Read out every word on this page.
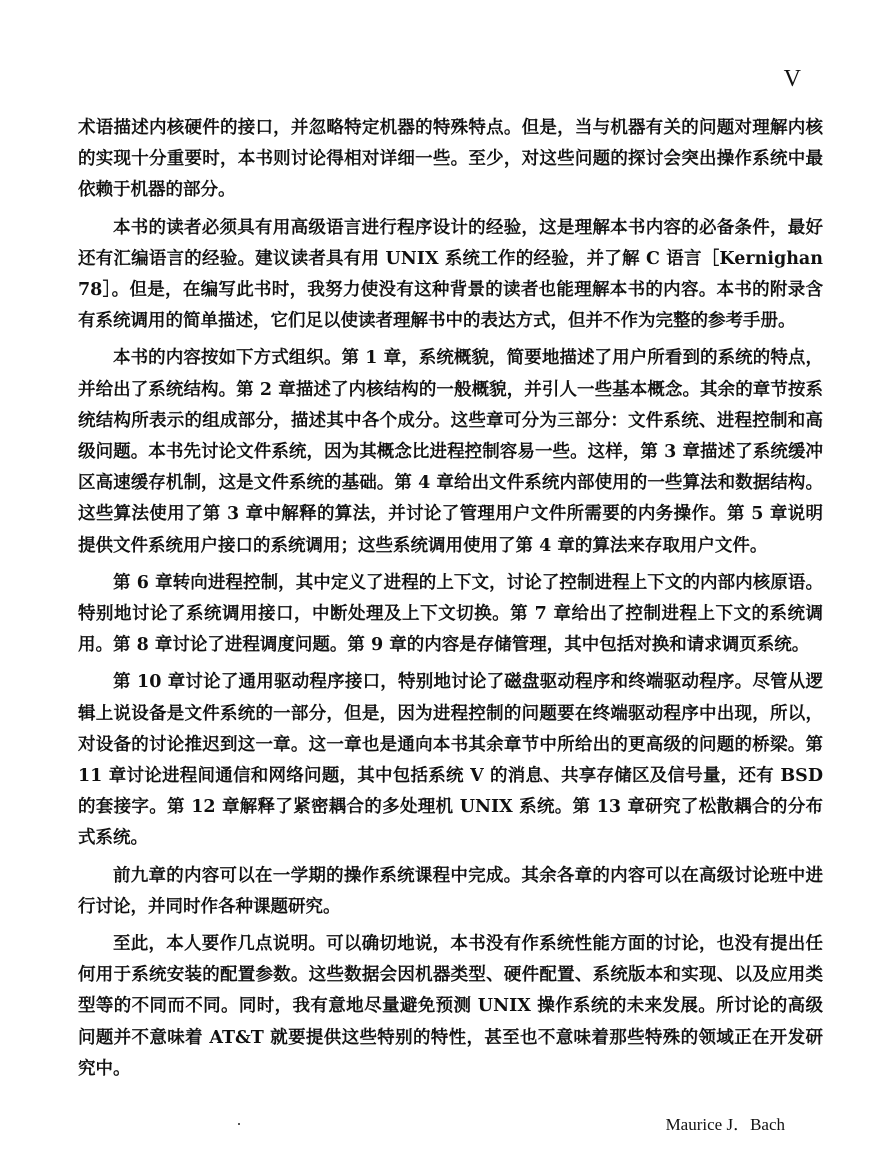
V

术语描述内核硬件的接口，并忽略特定机器的特殊特点。但是，当与机器有关的问题对理解内核的实现十分重要时，本书则讨论得相对详细一些。至少，对这些问题的探讨会突出操作系统中最依赖于机器的部分。

本书的读者必须具有用高级语言进行程序设计的经验，这是理解本书内容的必备条件，最好还有汇编语言的经验。建议读者具有用 UNIX 系统工作的经验，并了解 C 语言［Kernighan 78］。但是，在编写此书时，我努力使没有这种背景的读者也能理解本书的内容。本书的附录含有系统调用的简单描述，它们足以使读者理解书中的表达方式，但并不作为完整的参考手册。

本书的内容按如下方式组织。第 1 章，系统概貌，简要地描述了用户所看到的系统的特点，并给出了系统结构。第 2 章描述了内核结构的一般概貌，并引人一些基本概念。其余的章节按系统结构所表示的组成部分，描述其中各个成分。这些章可分为三部分：文件系统、进程控制和高级问题。本书先讨论文件系统，因为其概念比进程控制容易一些。这样，第 3 章描述了系统缓冲区高速缓存机制，这是文件系统的基础。第 4 章给出文件系统内部使用的一些算法和数据结构。这些算法使用了第 3 章中解释的算法，并讨论了管理用户文件所需要的内务操作。第 5 章说明提供文件系统用户接口的系统调用；这些系统调用使用了第 4 章的算法来存取用户文件。

第 6 章转向进程控制，其中定义了进程的上下文，讨论了控制进程上下文的内部内核原语。特别地讨论了系统调用接口，中断处理及上下文切换。第 7 章给出了控制进程上下文的系统调用。第 8 章讨论了进程调度问题。第 9 章的内容是存储管理，其中包括对换和请求调页系统。

第 10 章讨论了通用驱动程序接口，特别地讨论了磁盘驱动程序和终端驱动程序。尽管从逻辑上说设备是文件系统的一部分，但是，因为进程控制的问题要在终端驱动程序中出现，所以，对设备的讨论推迟到这一章。这一章也是通向本书其余章节中所给出的更高级的问题的桥梁。第 11 章讨论进程间通信和网络问题，其中包括系统 V 的消息、共享存储区及信号量，还有 BSD 的套接字。第 12 章解释了紧密耦合的多处理机 UNIX 系统。第 13 章研究了松散耦合的分布式系统。

前九章的内容可以在一学期的操作系统课程中完成。其余各章的内容可以在高级讨论班中进行讨论，并同时作各种课题研究。

至此，本人要作几点说明。可以确切地说，本书没有作系统性能方面的讨论，也没有提出任何用于系统安装的配置参数。这些数据会因机器类型、硬件配置、系统版本和实现、以及应用类型等的不同而不同。同时，我有意地尽量避免预测 UNIX 操作系统的未来发展。所讨论的高级问题并不意味着 AT&T 就要提供这些特别的特性，甚至也不意味着那些特殊的领域正在开发研究中。

Maurice J．Bach
